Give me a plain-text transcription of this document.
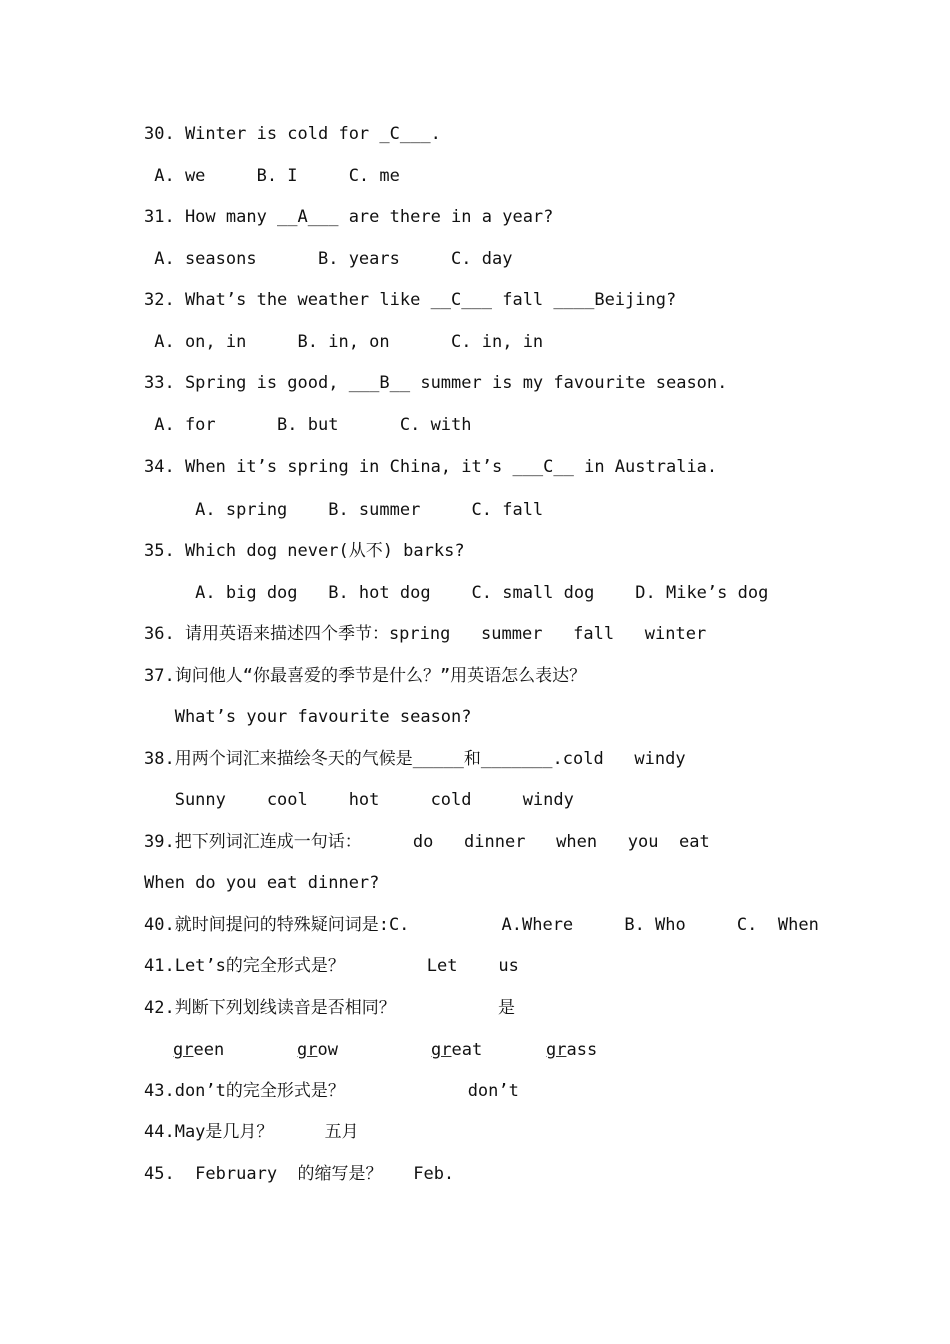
30. Winter is cold for _C___.
A. we     B. I     C. me
31. How many __A___ are there in a year?
A. seasons      B. years     C. day
32. What’s the weather like __C___ fall ____Beijing?
A. on, in     B. in, on      C. in, in
33. Spring is good, ___B__ summer is my favourite season.
A. for      B. but      C. with
34. When it’s spring in China, it’s ___C__ in Australia.
A. spring    B. summer     C. fall
35. Which dog never(从不) barks?
A. big dog   B. hot dog    C. small dog    D. Mike’s dog
36. 请用英语来描述四个季节：spring   summer   fall   winter
37.询问他人“你最喜爱的季节是什么？”用英语怎么表达？
What’s your favourite season?
38.用两个词汇来描绘冬天的气候是_____和_______.cold   windy
Sunny    cool    hot     cold     windy
39.把下列词汇连成一句话：     do   dinner   when   you  eat
When do you eat dinner?
40.就时间提问的特殊疑问词是:C.         A.Where     B. Who     C.  When
41.Let’s的完全形式是？        Let    us
42.判断下列划线读音是否相同？          是
green	grow	great	grass
43.don’t的完全形式是？            don’t
44.May是几月？     五月
45.  February  的缩写是？   Feb.
